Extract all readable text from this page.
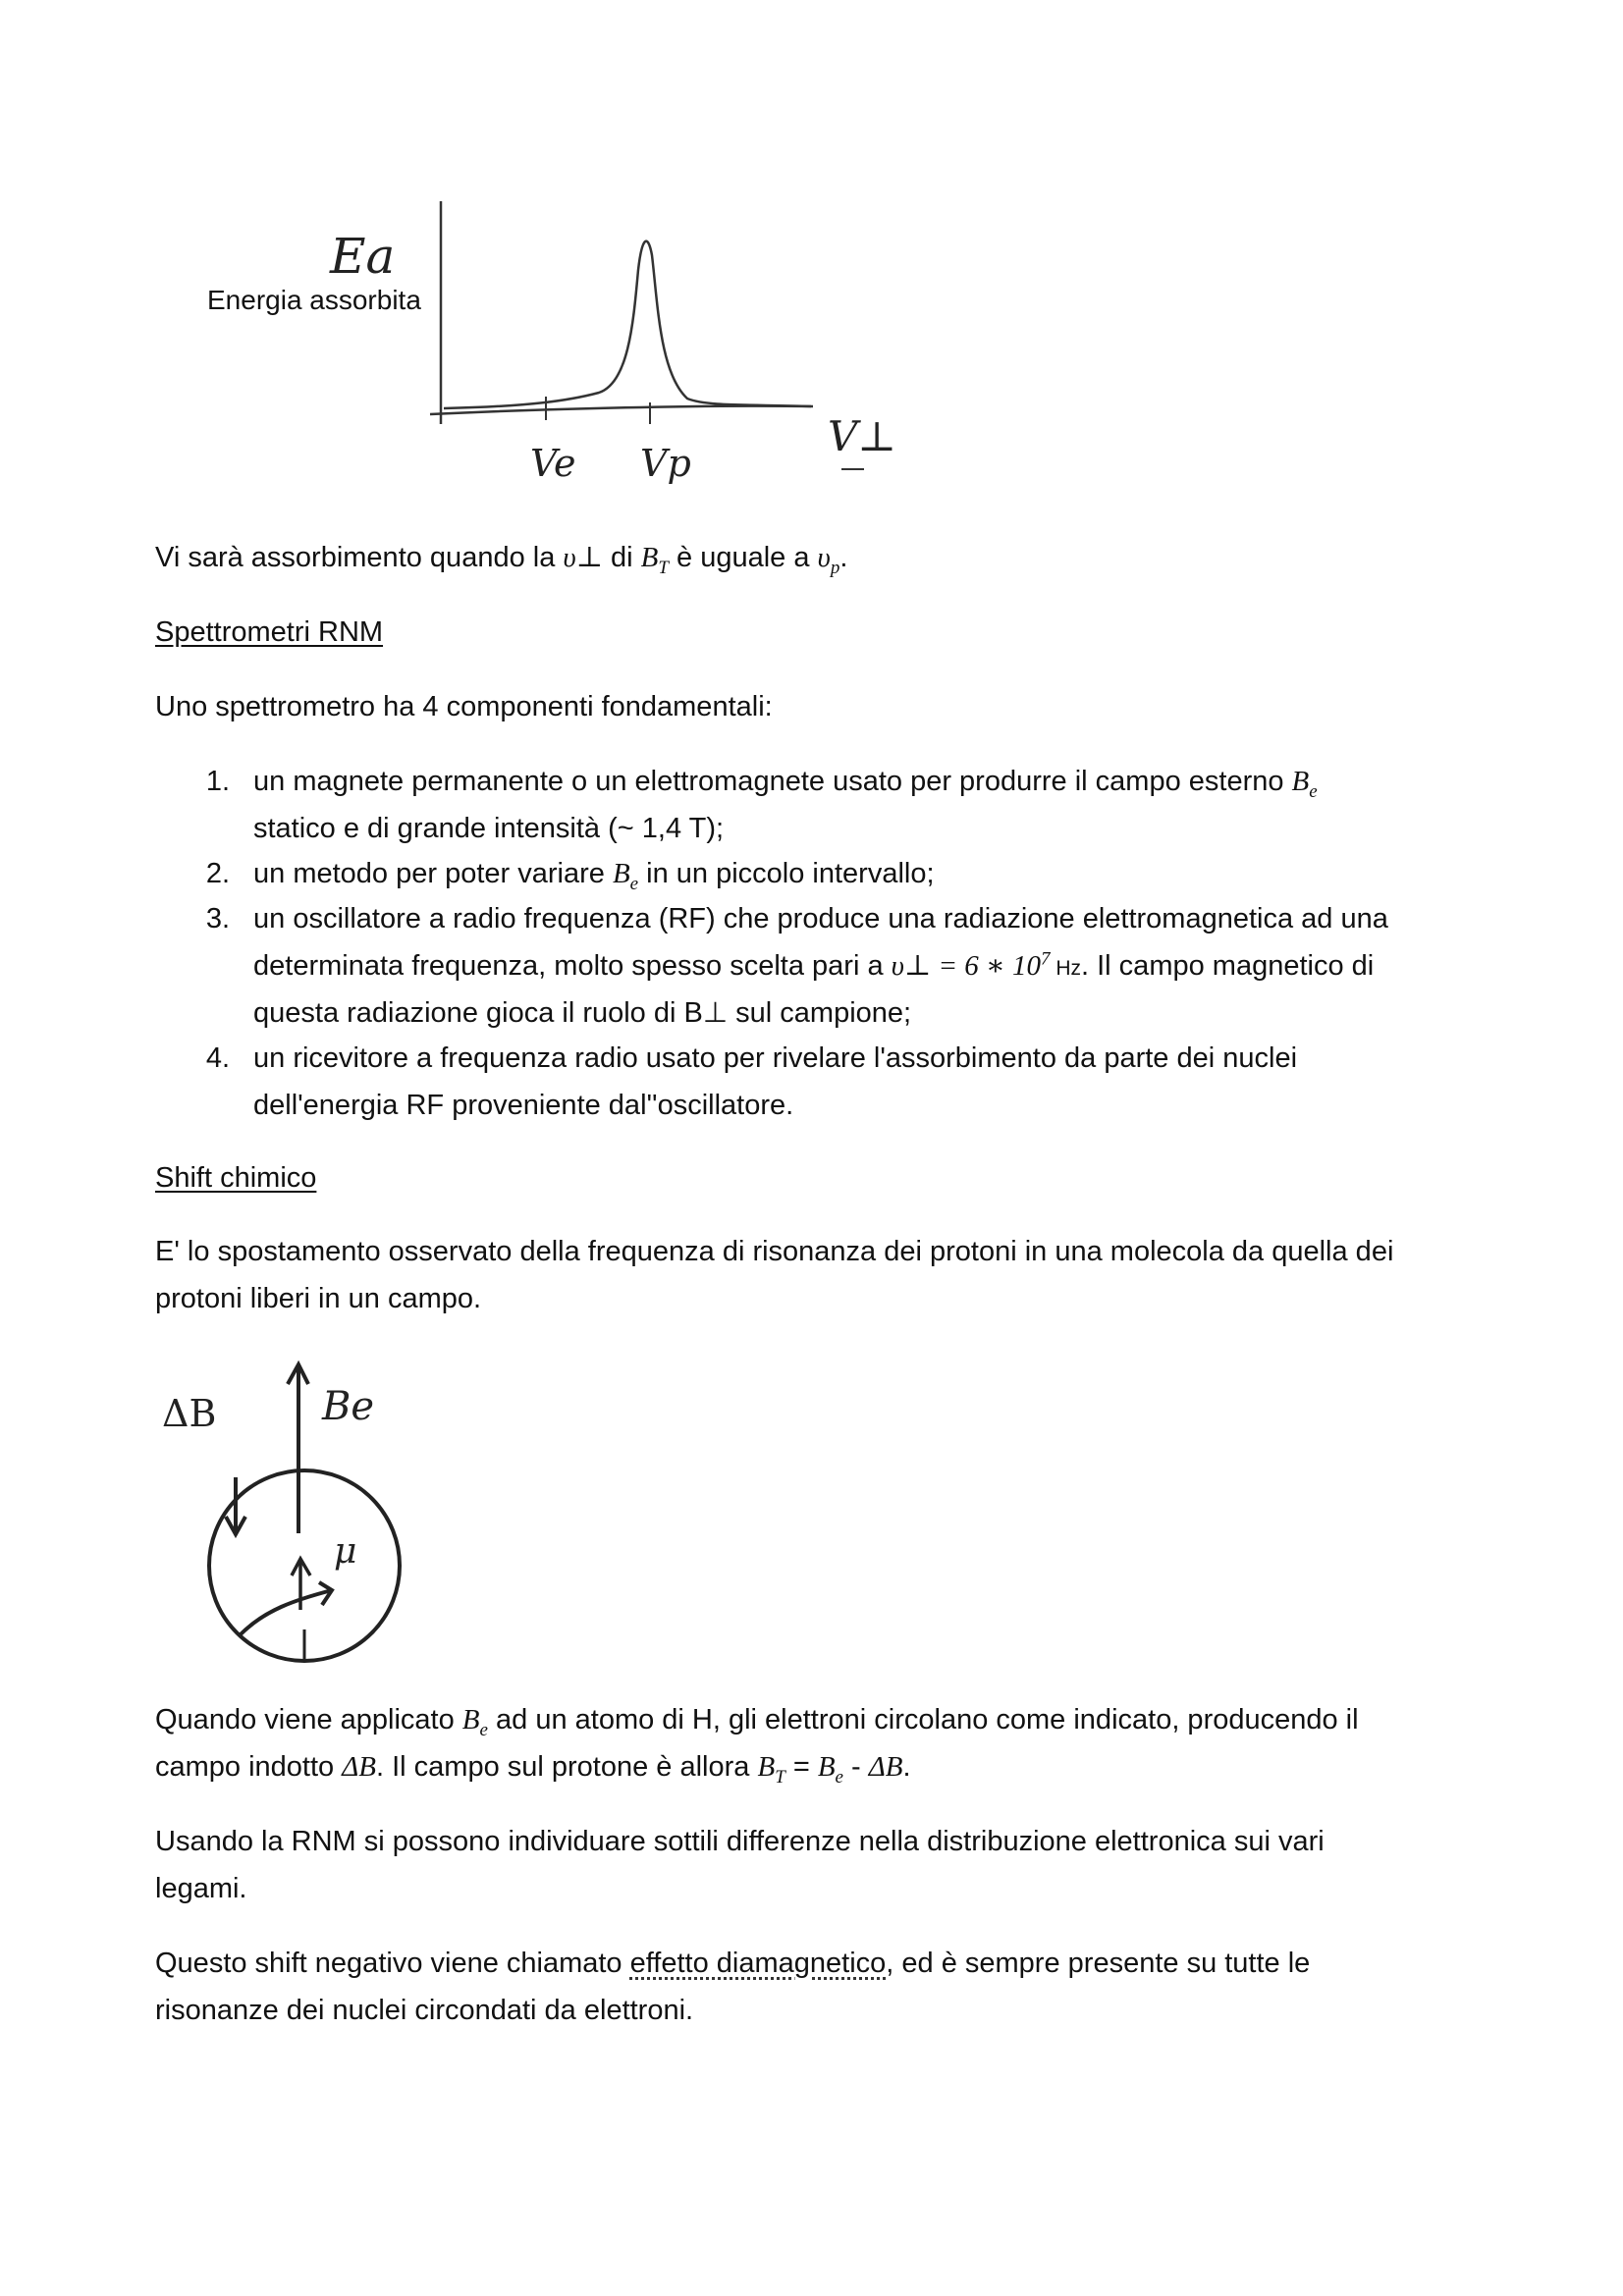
Ea
Energia assorbita
Ve Vp
V⊥
Vi sarà assorbimento quando la υ⊥ di $B_T$ è uguale a $\upsilon_p$.
Spettrometri RNM
Uno spettrometro ha 4 componenti fondamentali:
1. un magnete permanente o un elettromagnete usato per produrre il campo esterno $B_e$
statico e di grande intensità (~ 1,4 T);
2. un metodo per poter variare $B_e$ in un piccolo intervallo;
3. un oscillatore a radio frequenza (RF) che produce una radiazione elettromagnetica ad una
determinata frequenza, molto spesso scelta pari a υ⊥ = 6 ∗ $10^7$ Hz. Il campo magnetico di
questa radiazione gioca il ruolo di B⊥ sul campione;
4. un ricevitore a frequenza radio usato per rivelare l'assorbimento da parte dei nuclei
dell'energia RF proveniente dal''oscillatore.
Shift chimico
E' lo spostamento osservato della frequenza di risonanza dei protoni in una molecola da quella dei
protoni liberi in un campo.
ΔB	Be
μ
Quando viene applicato $B_e$ ad un atomo di H, gli elettroni circolano come indicato, producendo il
campo indotto ΔB. Il campo sul protone è allora $B_T = B_e - \Delta B$.
Usando la RNM si possono individuare sottili differenze nella distribuzione elettronica sui vari
legami.
Questo shift negativo viene chiamato effetto diamagnetico, ed è sempre presente su tutte le
risonanze dei nuclei circondati da elettroni.
